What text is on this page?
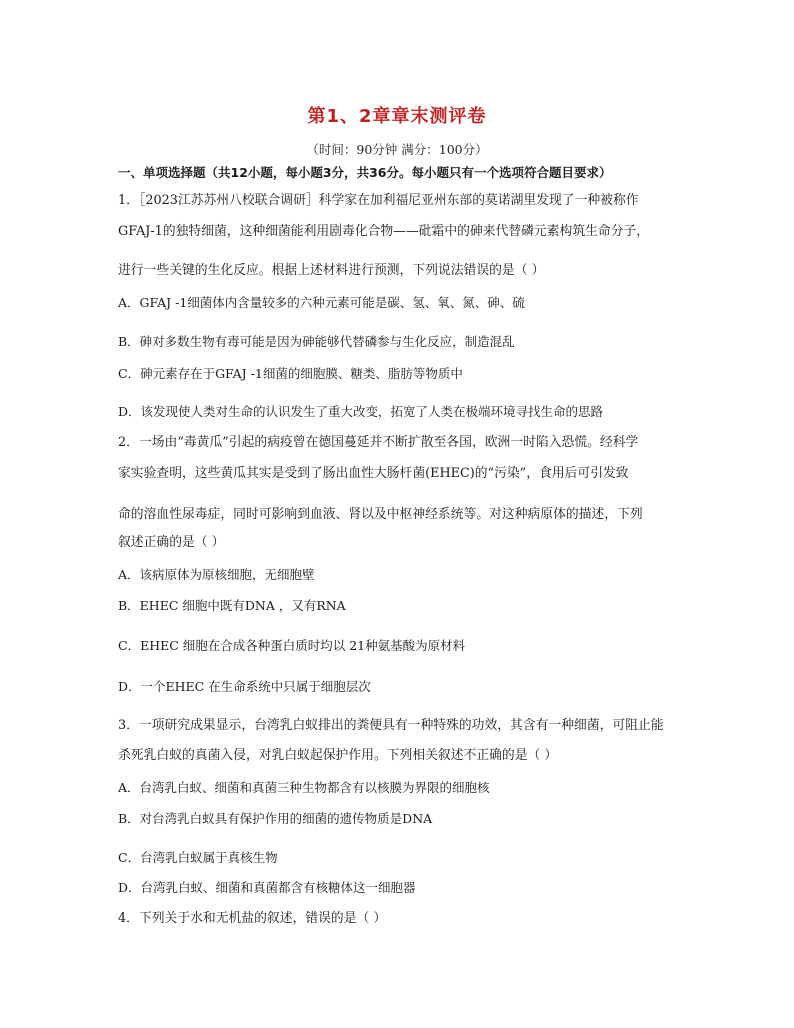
第1、2章章末测评卷
（时间：90分钟 满分：100分）
一、单项选择题（共12小题，每小题3分，共36分。每小题只有一个选项符合题目要求）
1．［2023江苏苏州八校联合调研］科学家在加利福尼亚州东部的莫诺湖里发现了一种被称作
GFAJ-1的独特细菌，这种细菌能利用剧毒化合物——砒霜中的砷来代替磷元素构筑生命分子，
进行一些关键的生化反应。根据上述材料进行预测，下列说法错误的是（ ）
A．GFAJ -1细菌体内含量较多的六种元素可能是碳、氢、氧、氮、砷、硫
B．砷对多数生物有毒可能是因为砷能够代替磷参与生化反应，制造混乱
C．砷元素存在于GFAJ -1细菌的细胞膜、糖类、脂肪等物质中
D．该发现使人类对生命的认识发生了重大改变，拓宽了人类在极端环境寻找生命的思路
2．一场由“毒黄瓜”引起的病疫曾在德国蔓延并不断扩散至各国，欧洲一时陷入恐慌。经科学
家实验查明，这些黄瓜其实是受到了肠出血性大肠杆菌(EHEC)的“污染”，食用后可引发致
命的溶血性尿毒症，同时可影响到血液、肾以及中枢神经系统等。对这种病原体的描述，下列
叙述正确的是（ ）
A．该病原体为原核细胞，无细胞壁
B．EHEC 细胞中既有DNA ，又有RNA
C．EHEC 细胞在合成各种蛋白质时均以 21种氨基酸为原材料
D．一个EHEC 在生命系统中只属于细胞层次
3．一项研究成果显示，台湾乳白蚁排出的粪便具有一种特殊的功效，其含有一种细菌，可阻止能
杀死乳白蚁的真菌入侵，对乳白蚁起保护作用。下列相关叙述不正确的是（ ）
A．台湾乳白蚁、细菌和真菌三种生物都含有以核膜为界限的细胞核
B．对台湾乳白蚁具有保护作用的细菌的遗传物质是DNA
C．台湾乳白蚁属于真核生物
D．台湾乳白蚁、细菌和真菌都含有核糖体这一细胞器
4．下列关于水和无机盐的叙述，错误的是（ ）
